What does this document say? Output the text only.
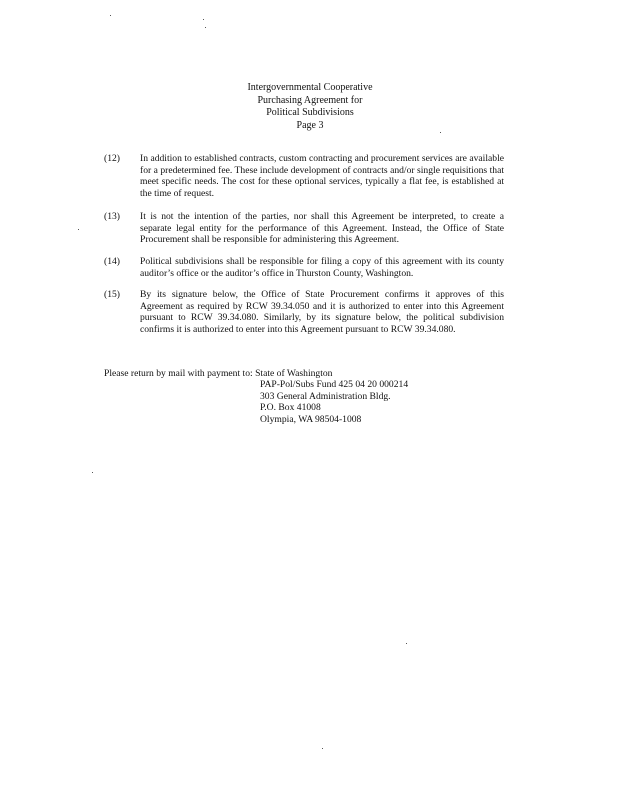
Intergovernmental Cooperative
Purchasing Agreement for
Political Subdivisions
Page 3
(12)	In addition to established contracts, custom contracting and procurement services are available for a predetermined fee. These include development of contracts and/or single requisitions that meet specific needs. The cost for these optional services, typically a flat fee, is established at the time of request.
(13)	It is not the intention of the parties, nor shall this Agreement be interpreted, to create a separate legal entity for the performance of this Agreement. Instead, the Office of State Procurement shall be responsible for administering this Agreement.
(14)	Political subdivisions shall be responsible for filing a copy of this agreement with its county auditor’s office or the auditor’s office in Thurston County, Washington.
(15)	By its signature below, the Office of State Procurement confirms it approves of this Agreement as required by RCW 39.34.050 and it is authorized to enter into this Agreement pursuant to RCW 39.34.080. Similarly, by its signature below, the political subdivision confirms it is authorized to enter into this Agreement pursuant to RCW 39.34.080.
Please return by mail with payment to: State of Washington
PAP-Pol/Subs Fund 425 04 20 000214
303 General Administration Bldg.
P.O. Box 41008
Olympia, WA 98504-1008
